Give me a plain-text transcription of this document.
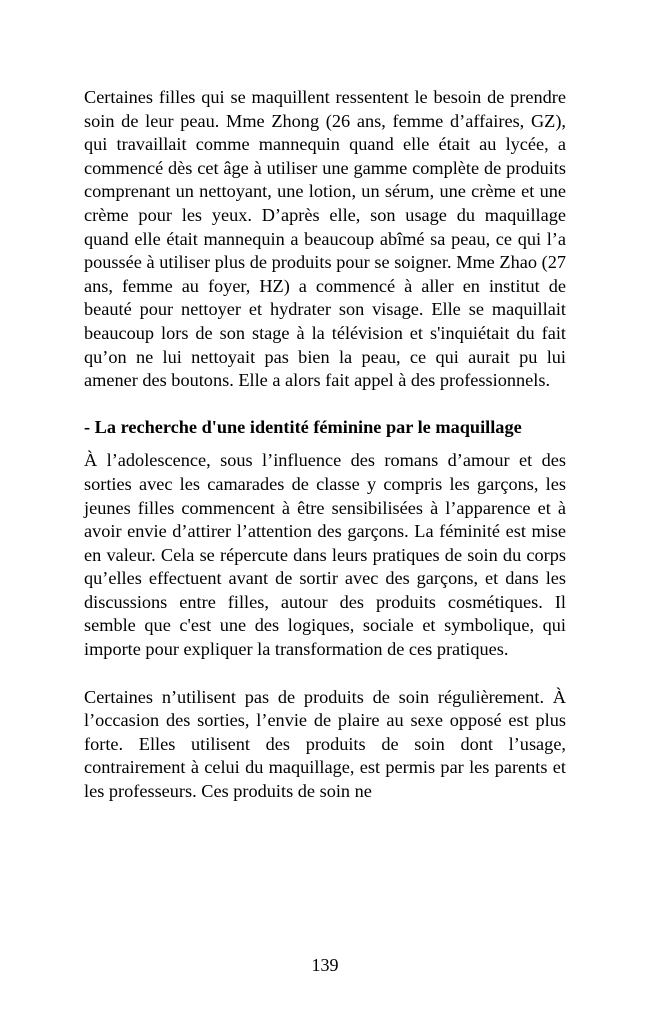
Certaines filles qui se maquillent ressentent le besoin de prendre soin de leur peau. Mme Zhong (26 ans, femme d’affaires, GZ), qui travaillait comme mannequin quand elle était au lycée, a commencé dès cet âge à utiliser une gamme complète de produits comprenant un nettoyant, une lotion, un sérum, une crème et une crème pour les yeux. D’après elle, son usage du maquillage quand elle était mannequin a beaucoup abîmé sa peau, ce qui l’a poussée à utiliser plus de produits pour se soigner. Mme Zhao (27 ans, femme au foyer, HZ) a commencé à aller en institut de beauté pour nettoyer et hydrater son visage. Elle se maquillait beaucoup lors de son stage à la télévision et s'inquiétait du fait qu’on ne lui nettoyait pas bien la peau, ce qui aurait pu lui amener des boutons. Elle a alors fait appel à des professionnels.

- La recherche d'une identité féminine par le maquillage

À l’adolescence, sous l’influence des romans d’amour et des sorties avec les camarades de classe y compris les garçons, les jeunes filles commencent à être sensibilisées à l’apparence et à avoir envie d’attirer l’attention des garçons. La féminité est mise en valeur. Cela se répercute dans leurs pratiques de soin du corps qu’elles effectuent avant de sortir avec des garçons, et dans les discussions entre filles, autour des produits cosmétiques. Il semble que c'est une des logiques, sociale et symbolique, qui importe pour expliquer la transformation de ces pratiques.

Certaines n’utilisent pas de produits de soin régulièrement. À l’occasion des sorties, l’envie de plaire au sexe opposé est plus forte. Elles utilisent des produits de soin dont l’usage, contrairement à celui du maquillage, est permis par les parents et les professeurs. Ces produits de soin ne

139
